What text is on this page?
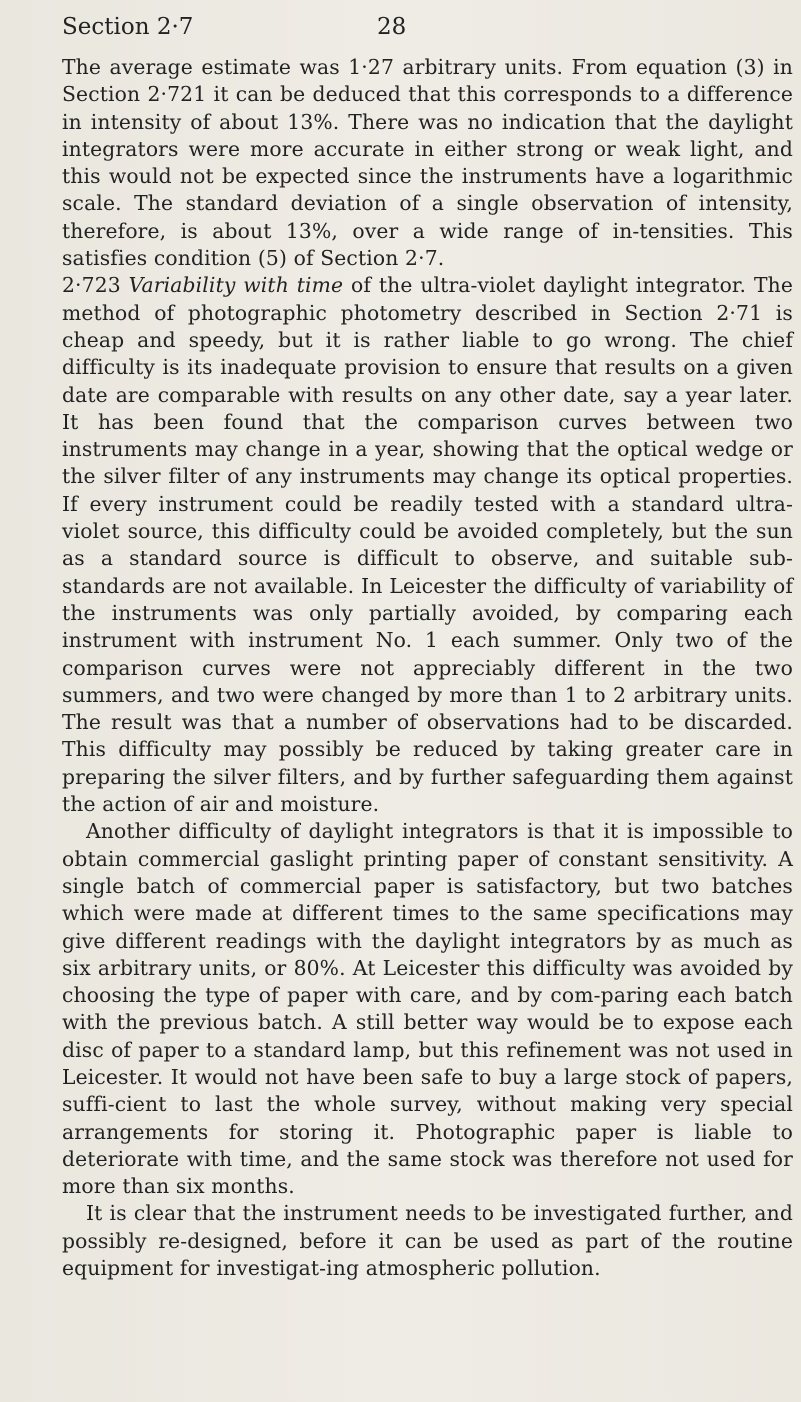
Section 2·7	28

The average estimate was 1·27 arbitrary units. From equation (3) in Section 2·721 it can be deduced that this corresponds to a difference in intensity of about 13%. There was no indication that the daylight integrators were more accurate in either strong or weak light, and this would not be expected since the instruments have a logarithmic scale. The standard deviation of a single observation of intensity, therefore, is about 13%, over a wide range of in-tensities. This satisfies condition (5) of Section 2·7.

2·723 Variability with time of the ultra-violet daylight integrator. The method of photographic photometry described in Section 2·71 is cheap and speedy, but it is rather liable to go wrong. The chief difficulty is its inadequate provision to ensure that results on a given date are comparable with results on any other date, say a year later. It has been found that the comparison curves between two instruments may change in a year, showing that the optical wedge or the silver filter of any instruments may change its optical properties. If every instrument could be readily tested with a standard ultra-violet source, this difficulty could be avoided completely, but the sun as a standard source is difficult to observe, and suitable sub-standards are not available. In Leicester the difficulty of variability of the instruments was only partially avoided, by comparing each instrument with instrument No. 1 each summer. Only two of the comparison curves were not appreciably different in the two summers, and two were changed by more than 1 to 2 arbitrary units. The result was that a number of observations had to be discarded. This difficulty may possibly be reduced by taking greater care in preparing the silver filters, and by further safeguarding them against the action of air and moisture.

Another difficulty of daylight integrators is that it is impossible to obtain commercial gaslight printing paper of constant sensitivity. A single batch of commercial paper is satisfactory, but two batches which were made at different times to the same specifications may give different readings with the daylight integrators by as much as six arbitrary units, or 80%. At Leicester this difficulty was avoided by choosing the type of paper with care, and by com-paring each batch with the previous batch. A still better way would be to expose each disc of paper to a standard lamp, but this refinement was not used in Leicester. It would not have been safe to buy a large stock of papers, suffi-cient to last the whole survey, without making very special arrangements for storing it. Photographic paper is liable to deteriorate with time, and the same stock was therefore not used for more than six months.

It is clear that the instrument needs to be investigated further, and possibly re-designed, before it can be used as part of the routine equipment for investigat-ing atmospheric pollution.
